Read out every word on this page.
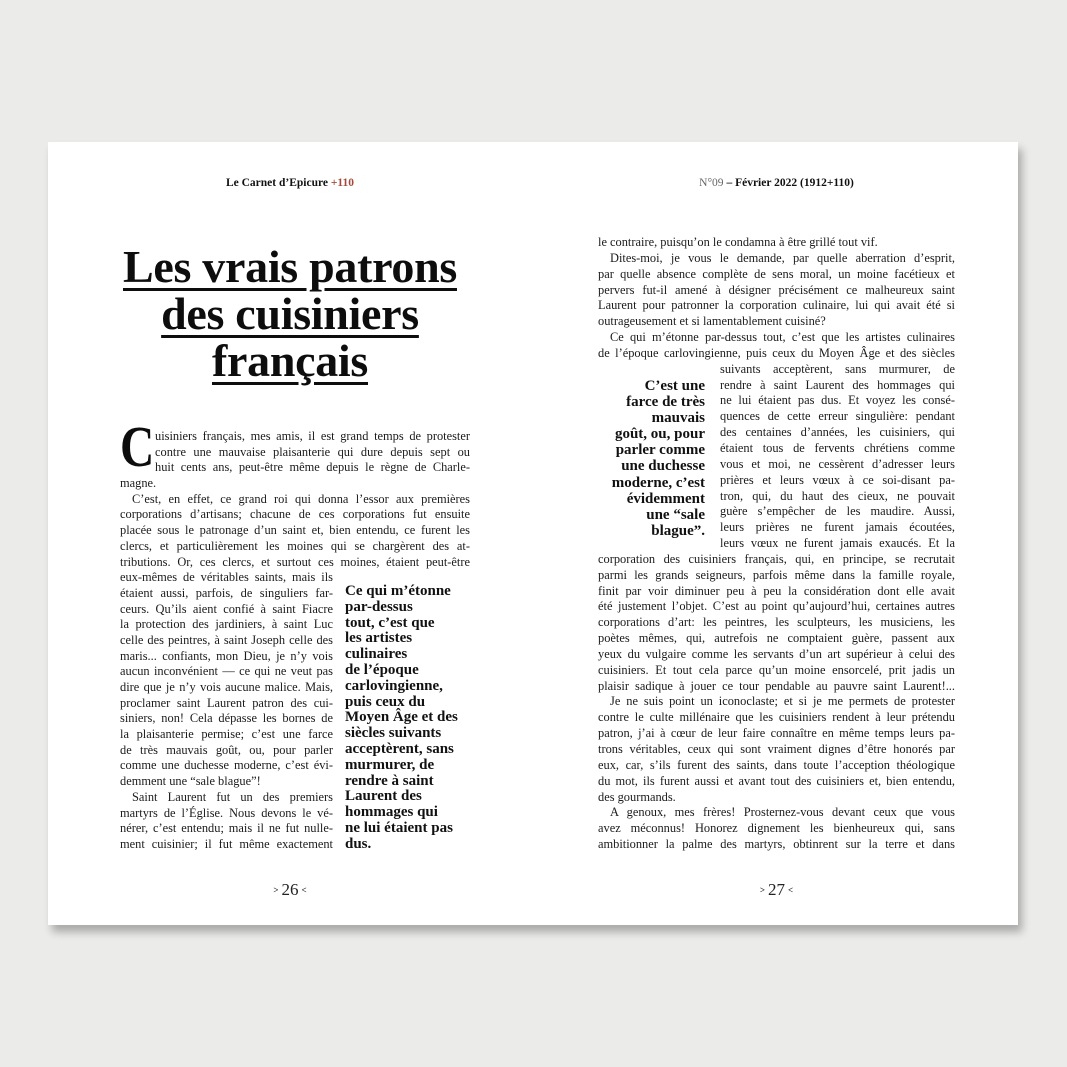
Le Carnet d’Epicure +110
Les vrais patrons
des cuisiniers
français
C uisiniers français, mes amis, il est grand temps de protester
contre une mauvaise plaisanterie qui dure depuis sept ou
huit cents ans, peut-être même depuis le règne de Charle-
magne.
C’est, en effet, ce grand roi qui donna l’essor aux premières
corporations d’artisans; chacune de ces corporations fut ensuite
placée sous le patronage d’un saint et, bien entendu, ce furent les
clercs, et particulièrement les moines qui se chargèrent des at-
tributions. Or, ces clercs, et surtout ces moines, étaient peut-être
eux-mêmes de véritables saints, mais ils
étaient aussi, parfois, de singuliers far-
ceurs. Qu’ils aient confié à saint Fiacre
la protection des jardiniers, à saint Luc
celle des peintres, à saint Joseph celle des
maris... confiants, mon Dieu, je n’y vois
aucun inconvénient — ce qui ne veut pas
dire que je n’y vois aucune malice. Mais,
proclamer saint Laurent patron des cui-
siniers, non! Cela dépasse les bornes de
la plaisanterie permise; c’est une farce
de très mauvais goût, ou, pour parler
comme une duchesse moderne, c’est évi-
demment une “sale blague”!
Saint Laurent fut un des premiers
martyrs de l’Église. Nous devons le vé-
nérer, c’est entendu; mais il ne fut nulle-
ment cuisinier; il fut même exactement
Ce qui m’étonne
par-dessus
tout, c’est que
les artistes
culinaires
de l’époque
carlovingienne,
puis ceux du
Moyen Âge et des
siècles suivants
acceptèrent, sans
murmurer, de
rendre à saint
Laurent des
hommages qui
ne lui étaient pas
dus.
> 26 <
N°09 – Février 2022 (1912+110)
le contraire, puisqu’on le condamna à être grillé tout vif.
Dites-moi, je vous le demande, par quelle aberration d’esprit,
par quelle absence complète de sens moral, un moine facétieux et
pervers fut-il amené à désigner précisément ce malheureux saint
Laurent pour patronner la corporation culinaire, lui qui avait été si
outrageusement et si lamentablement cuisiné?
Ce qui m’étonne par-dessus tout, c’est que les artistes culinaires
de l’époque carlovingienne, puis ceux du Moyen Âge et des siècles
suivants acceptèrent, sans murmurer, de
rendre à saint Laurent des hommages qui
ne lui étaient pas dus. Et voyez les consé-
quences de cette erreur singulière: pendant
des centaines d’années, les cuisiniers, qui
étaient tous de fervents chrétiens comme
vous et moi, ne cessèrent d’adresser leurs
prières et leurs vœux à ce soi-disant pa-
tron, qui, du haut des cieux, ne pouvait
guère s’empêcher de les maudire. Aussi,
leurs prières ne furent jamais écoutées,
leurs vœux ne furent jamais exaucés. Et la
corporation des cuisiniers français, qui, en principe, se recrutait
parmi les grands seigneurs, parfois même dans la famille royale,
finit par voir diminuer peu à peu la considération dont elle avait
été justement l’objet. C’est au point qu’aujourd’hui, certaines autres
corporations d’art: les peintres, les sculpteurs, les musiciens, les
poètes mêmes, qui, autrefois ne comptaient guère, passent aux
yeux du vulgaire comme les servants d’un art supérieur à celui des
cuisiniers. Et tout cela parce qu’un moine ensorcelé, prit jadis un
plaisir sadique à jouer ce tour pendable au pauvre saint Laurent!...
Je ne suis point un iconoclaste; et si je me permets de protester
contre le culte millénaire que les cuisiniers rendent à leur prétendu
patron, j’ai à cœur de leur faire connaître en même temps leurs pa-
trons véritables, ceux qui sont vraiment dignes d’être honorés par
eux, car, s’ils furent des saints, dans toute l’acception théologique
du mot, ils furent aussi et avant tout des cuisiniers et, bien entendu,
des gourmands.
A genoux, mes frères! Prosternez-vous devant ceux que vous
avez méconnus! Honorez dignement les bienheureux qui, sans
ambitionner la palme des martyrs, obtinrent sur la terre et dans
C’est une
farce de très
mauvais
goût, ou, pour
parler comme
une duchesse
moderne, c’est
évidemment
une “sale
blague”.
> 27 <
